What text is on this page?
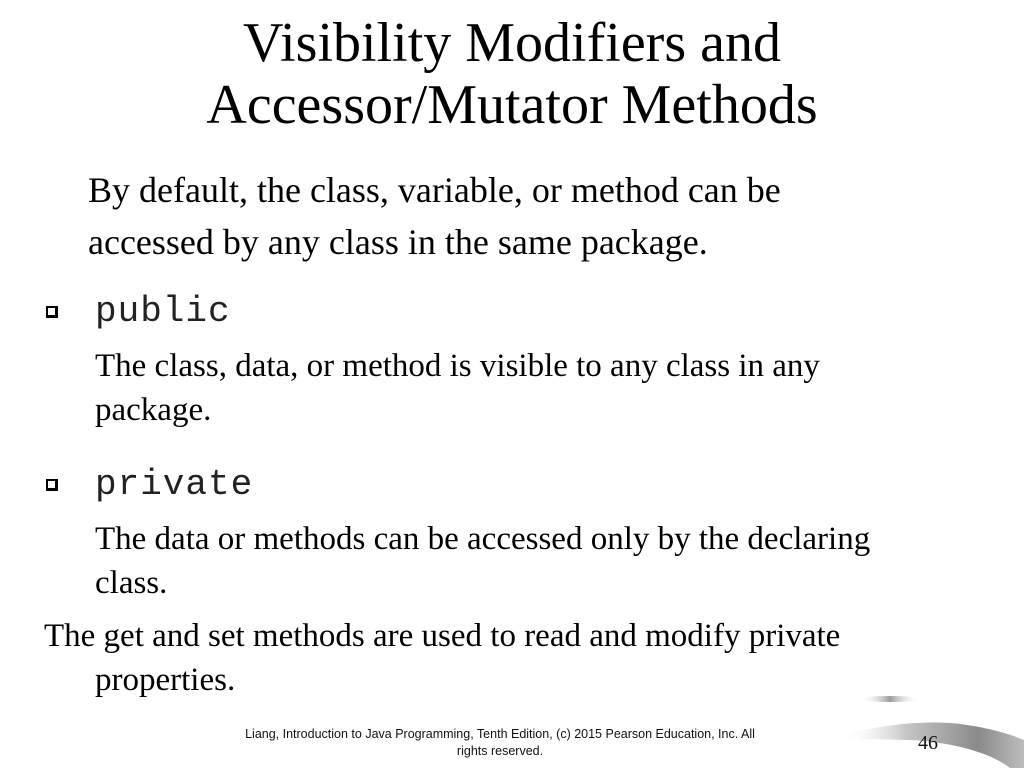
Visibility Modifiers and
Accessor/Mutator Methods
By default, the class, variable, or method can be
accessed by any class in the same package.
public
The class, data, or method is visible to any class in any
package.
private
The data or methods can be accessed only by the declaring
class.
The get and set methods are used to read and modify private
properties.
Liang, Introduction to Java Programming, Tenth Edition, (c) 2015 Pearson Education, Inc. All
rights reserved.	46
